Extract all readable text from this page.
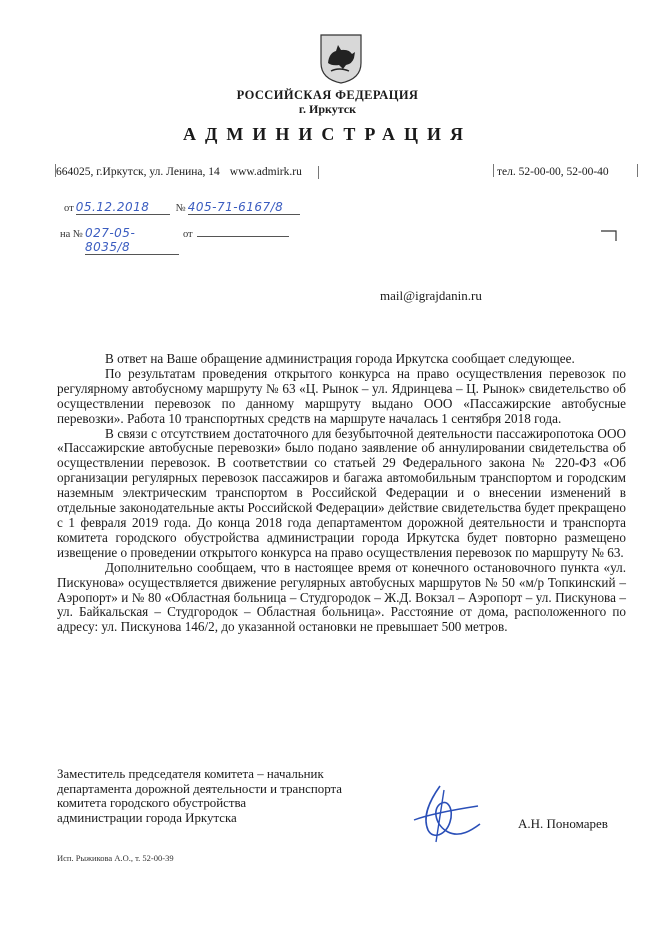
РОССИЙСКАЯ ФЕДЕРАЦИЯ
г. Иркутск
АДМИНИСТРАЦИЯ
664025, г.Иркутск, ул. Ленина, 14 www.admirk.ru	тел. 52-00-00, 52-00-40
от 05.12.2018	№ 405-71-6167/8
на № 027-05-8035/8
от
mail@igrajdanin.ru

В ответ на Ваше обращение администрация города Иркутска сообщает следующее.

По результатам проведения открытого конкурса на право осуществления перевозок по регулярному автобусному маршруту № 63 «Ц. Рынок – ул. Ядринцева – Ц. Рынок» свидетельство об осуществлении перевозок по данному маршруту выдано ООО «Пассажирские автобусные перевозки». Работа 10 транспортных средств на маршруте началась 1 сентября 2018 года.

В связи с отсутствием достаточного для безубыточной деятельности пассажиропотока ООО «Пассажирские автобусные перевозки» было подано заявление об аннулировании свидетельства об осуществлении перевозок. В соответствии со статьей 29 Федерального закона № 220-ФЗ «Об организации регулярных перевозок пассажиров и багажа автомобильным транспортом и городским наземным электрическим транспортом в Российской Федерации и о внесении изменений в отдельные законодательные акты Российской Федерации» действие свидетельства будет прекращено с 1 февраля 2019 года. До конца 2018 года департаментом дорожной деятельности и транспорта комитета городского обустройства администрации города Иркутска будет повторно размещено извещение о проведении открытого конкурса на право осуществления перевозок по маршруту № 63.

Дополнительно сообщаем, что в настоящее время от конечного остановочного пункта «ул. Пискунова» осуществляется движение регулярных автобусных маршрутов № 50 «м/р Топкинский – Аэропорт» и № 80 «Областная больница – Студгородок – Ж.Д. Вокзал – Аэропорт – ул. Пискунова – ул. Байкальская – Студгородок – Областная больница». Расстояние от дома, расположенного по адресу: ул. Пискунова 146/2, до указанной остановки не превышает 500 метров.

Заместитель председателя комитета – начальник
департамента дорожной деятельности и транспорта
комитета городского обустройства
администрации города Иркутска	А.Н. Пономарев
Исп. Рыжикова А.О., т. 52-00-39
